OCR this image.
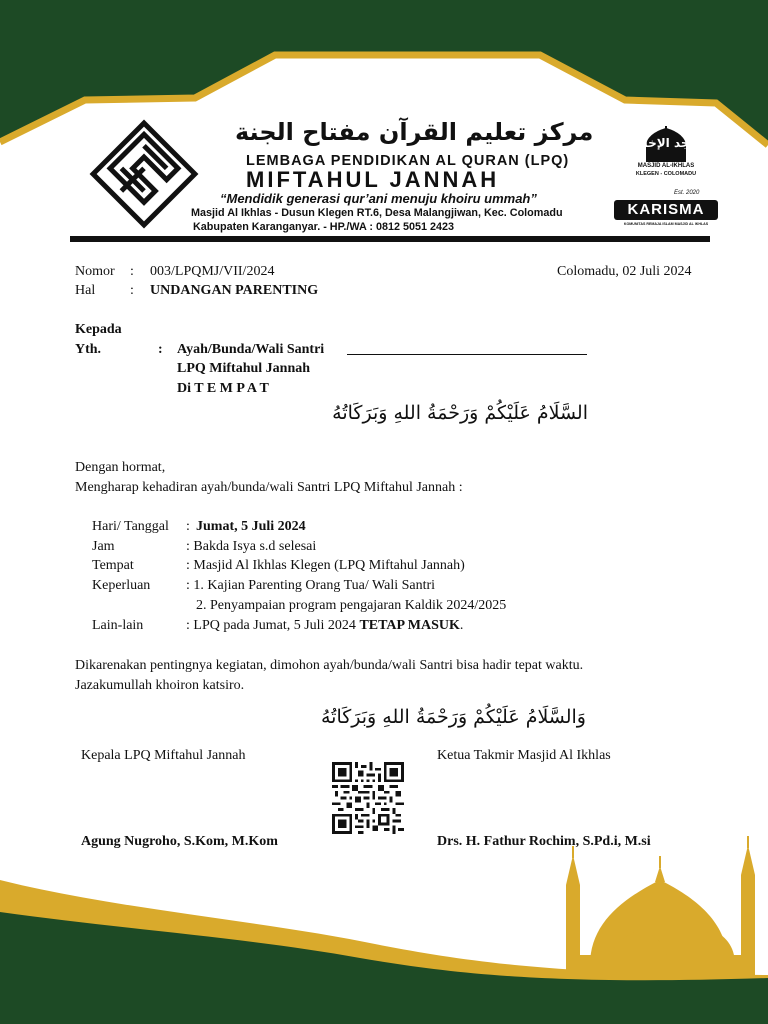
مركز تعليم القرآن مفتاح الجنة
LEMBAGA PENDIDIKAN AL QURAN (LPQ)
MIFTAHUL JANNAH
“Mendidik generasi qur’ani menuju khoiru ummah”
Masjid Al Ikhlas - Dusun Klegen RT.6, Desa Malangjiwan, Kec. Colomadu
Kabupaten Karanganyar. - HP./WA : 0812 5051 2423
مسجد الإخلاص
MASJID AL-IKHLAS
KLEGEN - COLOMADU
Est. 2020
KARISMA
KOMUNITAS REMAJA ISLAM MASJID AL IKHLAS
Nomor : 003/LPQMJ/VII/2024	Colomadu, 02 Juli 2024
Hal : UNDANGAN PARENTING
Kepada
Yth.	: Ayah/Bunda/Wali Santri
LPQ Miftahul Jannah
Di T E M P A T
السَّلَامُ عَلَيْكُمْ وَرَحْمَةُ اللهِ وَبَرَكَاتُهُ
Dengan hormat,
Mengharap kehadiran ayah/bunda/wali Santri LPQ Miftahul Jannah :
Hari/ Tanggal : Jumat, 5 Juli 2024
Jam	: Bakda Isya s.d selesai
Tempat	: Masjid Al Ikhlas Klegen (LPQ Miftahul Jannah)
Keperluan	: 1. Kajian Parenting Orang Tua/ Wali Santri
2. Penyampaian program pengajaran Kaldik 2024/2025
Lain-lain	: LPQ pada Jumat, 5 Juli 2024 TETAP MASUK.
Dikarenakan pentingnya kegiatan, dimohon ayah/bunda/wali Santri bisa hadir tepat waktu.
Jazakumullah khoiron katsiro.
وَالسَّلَامُ عَلَيْكُمْ وَرَحْمَةُ اللهِ وَبَرَكَاتُهُ
Kepala LPQ Miftahul Jannah	Ketua Takmir Masjid Al Ikhlas
Agung Nugroho, S.Kom, M.Kom	Drs. H. Fathur Rochim, S.Pd.i, M.si
